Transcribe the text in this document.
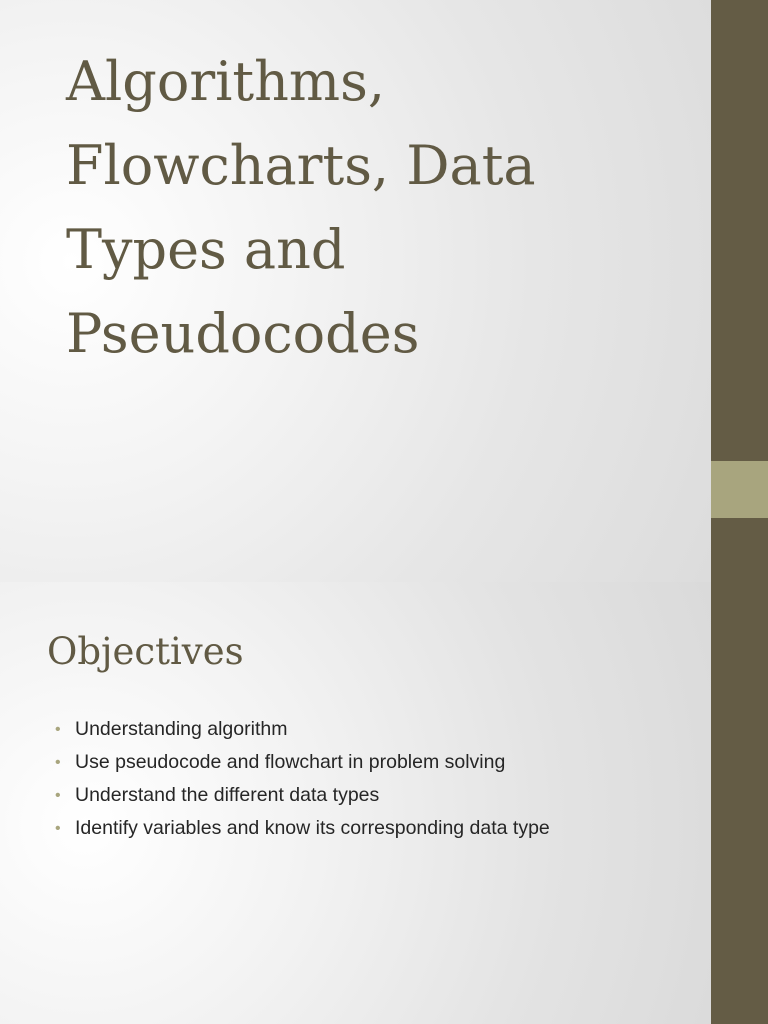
Algorithms,
Flowcharts, Data
Types and
Pseudocodes
Objectives
• Understanding algorithm
• Use pseudocode and flowchart in problem solving
• Understand the different data types
• Identify variables and know its corresponding data type
